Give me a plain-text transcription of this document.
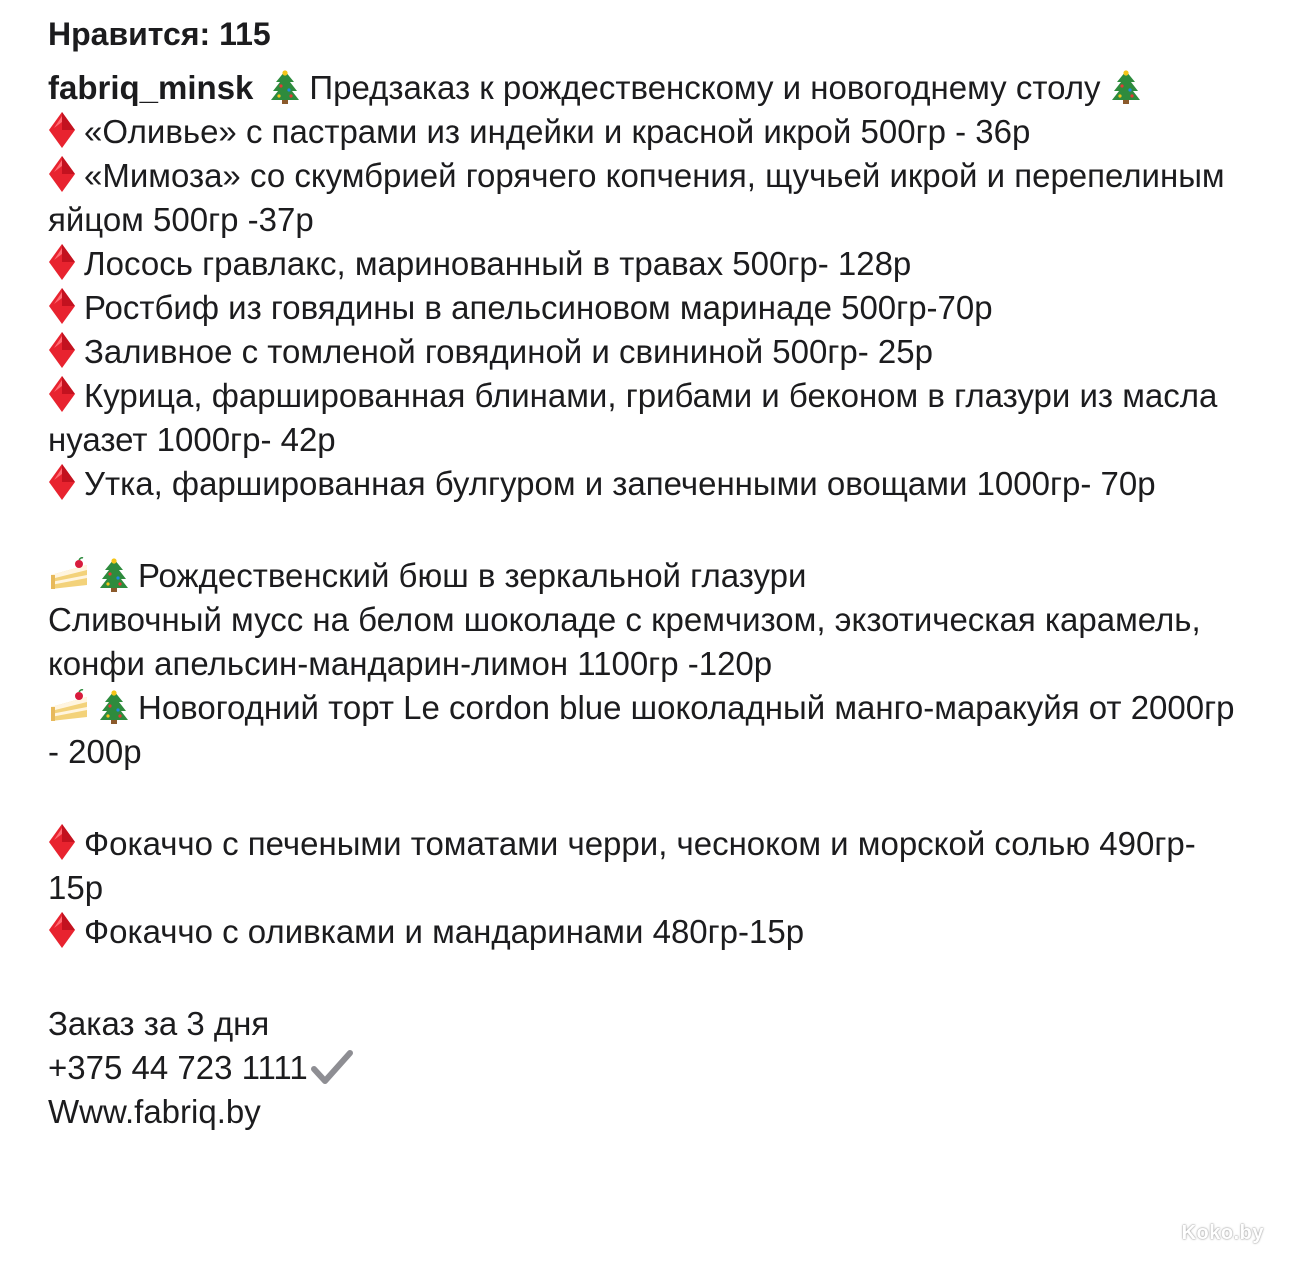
Нравится: 115
fabriq_minsk Предзаказ к рождественскому и новогоднему столу
«Оливье» с пастрами из индейки и красной икрой 500гр - 36р
«Мимоза» со скумбрией горячего копчения, щучьей икрой и перепелиным яйцом 500гр -37р
Лосось гравлакс, маринованный в травах 500гр- 128р
Ростбиф из говядины в апельсиновом маринаде 500гр-70р
Заливное с томленой говядиной и свининой 500гр- 25р
Курица, фаршированная блинами, грибами и беконом в глазури из масла нуазет 1000гр- 42р
Утка, фаршированная булгуром и запеченными овощами 1000гр- 70р
Рождественский бюш в зеркальной глазури
Сливочный мусс на белом шоколаде с кремчизом, экзотическая карамель, конфи апельсин-мандарин-лимон 1100гр -120р
Новогодний торт Le cordon blue шоколадный манго-маракуйя от 2000гр - 200р
Фокаччо с печеными томатами черри, чесноком и морской солью 490гр- 15р
Фокаччо с оливками и мандаринами 480гр-15р
Заказ за 3 дня
+375 44 723 1111
Www.fabriq.by
Koko.by
